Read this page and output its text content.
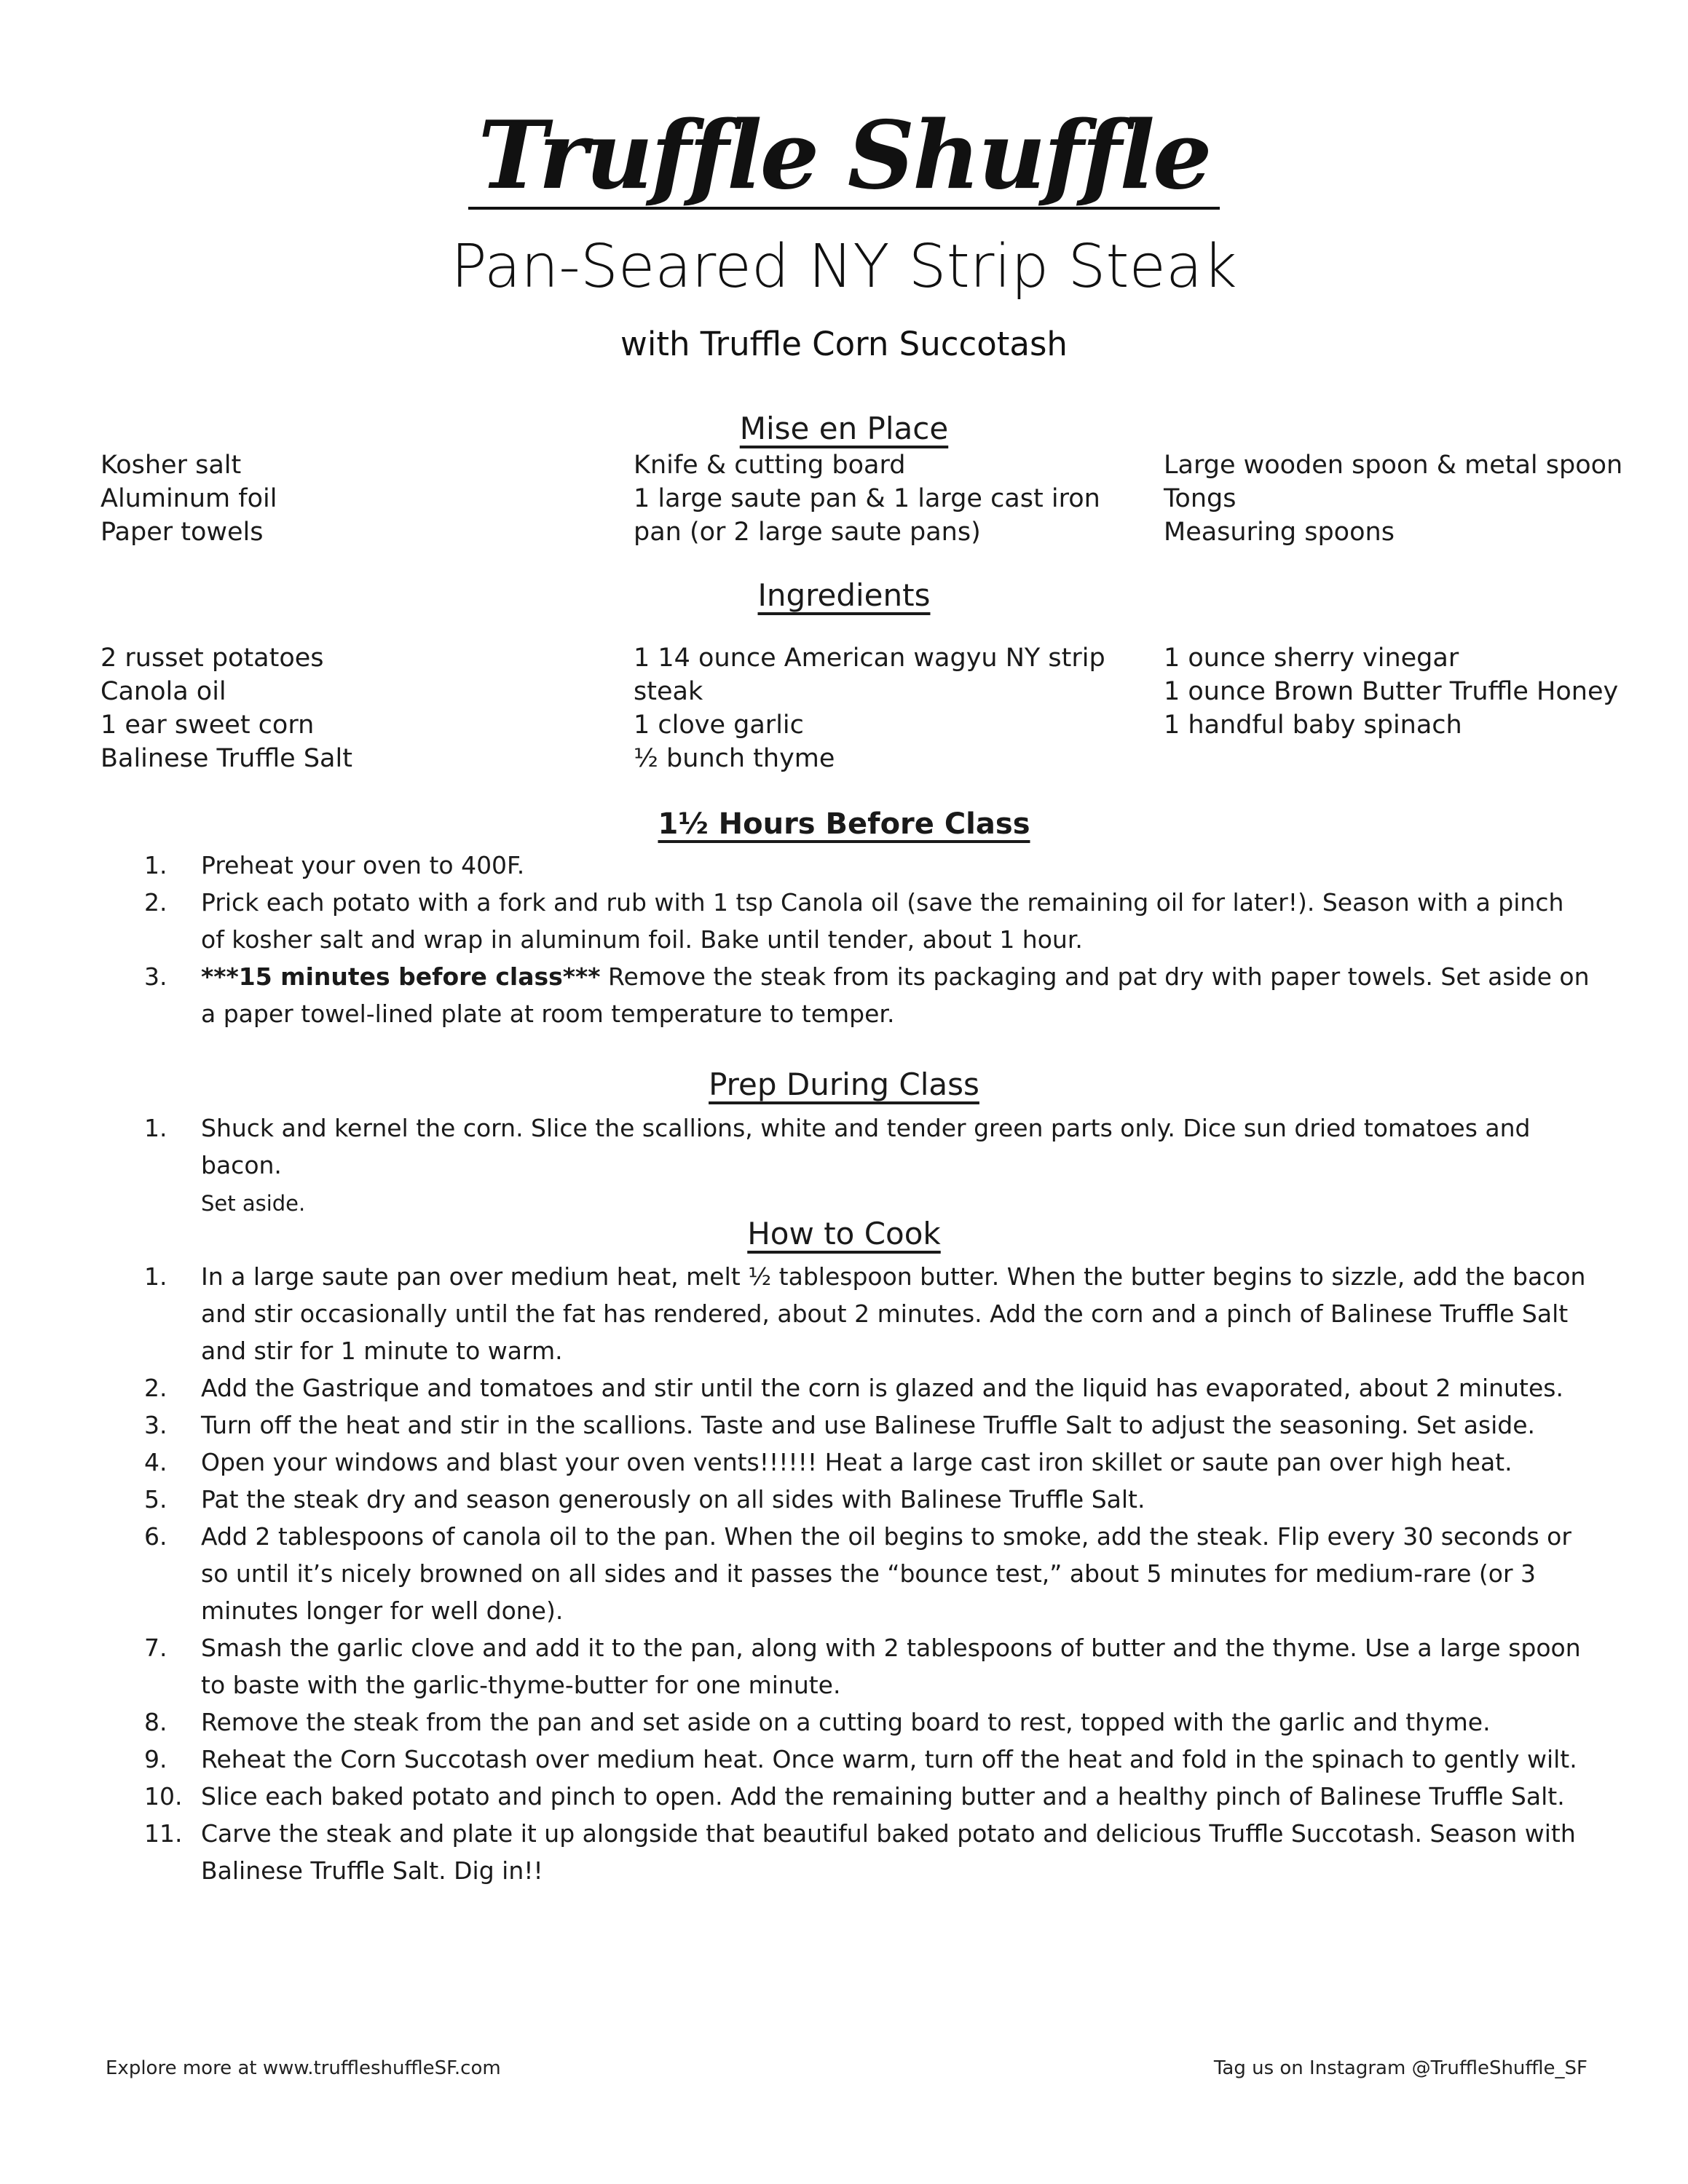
Truffle Shuffle
Pan-Seared NY Strip Steak
with Truffle Corn Succotash
Mise en Place
Kosher salt
Aluminum foil
Paper towels
Knife & cutting board
1 large saute pan & 1 large cast iron
pan (or 2 large saute pans)
Large wooden spoon & metal spoon
Tongs
Measuring spoons
Ingredients
2 russet potatoes
Canola oil
1 ear sweet corn
Balinese Truffle Salt
1 14 ounce American wagyu NY strip
steak
1 clove garlic
½ bunch thyme
1 ounce sherry vinegar
1 ounce Brown Butter Truffle Honey
1 handful baby spinach
1½ Hours Before Class
1.	Preheat your oven to 400F.
2.	Prick each potato with a fork and rub with 1 tsp Canola oil (save the remaining oil for later!). Season with a pinch of kosher salt and wrap in aluminum foil. Bake until tender, about 1 hour.
3.	***15 minutes before class*** Remove the steak from its packaging and pat dry with paper towels. Set aside on a paper towel-lined plate at room temperature to temper.
Prep During Class
1.	Shuck and kernel the corn. Slice the scallions, white and tender green parts only. Dice sun dried tomatoes and bacon.
Set aside.
How to Cook
1.	In a large saute pan over medium heat, melt ½ tablespoon butter. When the butter begins to sizzle, add the bacon and stir occasionally until the fat has rendered, about 2 minutes. Add the corn and a pinch of Balinese Truffle Salt and stir for 1 minute to warm.
2.	Add the Gastrique and tomatoes and stir until the corn is glazed and the liquid has evaporated, about 2 minutes.
3.	Turn off the heat and stir in the scallions. Taste and use Balinese Truffle Salt to adjust the seasoning. Set aside.
4.	Open your windows and blast your oven vents!!!!!! Heat a large cast iron skillet or saute pan over high heat.
5.	Pat the steak dry and season generously on all sides with Balinese Truffle Salt.
6.	Add 2 tablespoons of canola oil to the pan. When the oil begins to smoke, add the steak. Flip every 30 seconds or so until it’s nicely browned on all sides and it passes the “bounce test,” about 5 minutes for medium-rare (or 3 minutes longer for well done).
7.	Smash the garlic clove and add it to the pan, along with 2 tablespoons of butter and the thyme. Use a large spoon to baste with the garlic-thyme-butter for one minute.
8.	Remove the steak from the pan and set aside on a cutting board to rest, topped with the garlic and thyme.
9.	Reheat the Corn Succotash over medium heat. Once warm, turn off the heat and fold in the spinach to gently wilt.
10. Slice each baked potato and pinch to open. Add the remaining butter and a healthy pinch of Balinese Truffle Salt.
11. Carve the steak and plate it up alongside that beautiful baked potato and delicious Truffle Succotash. Season with Balinese Truffle Salt. Dig in!!
Explore more at www.truffleshuffleSF.com	Tag us on Instagram @TruffleShuffle_SF
